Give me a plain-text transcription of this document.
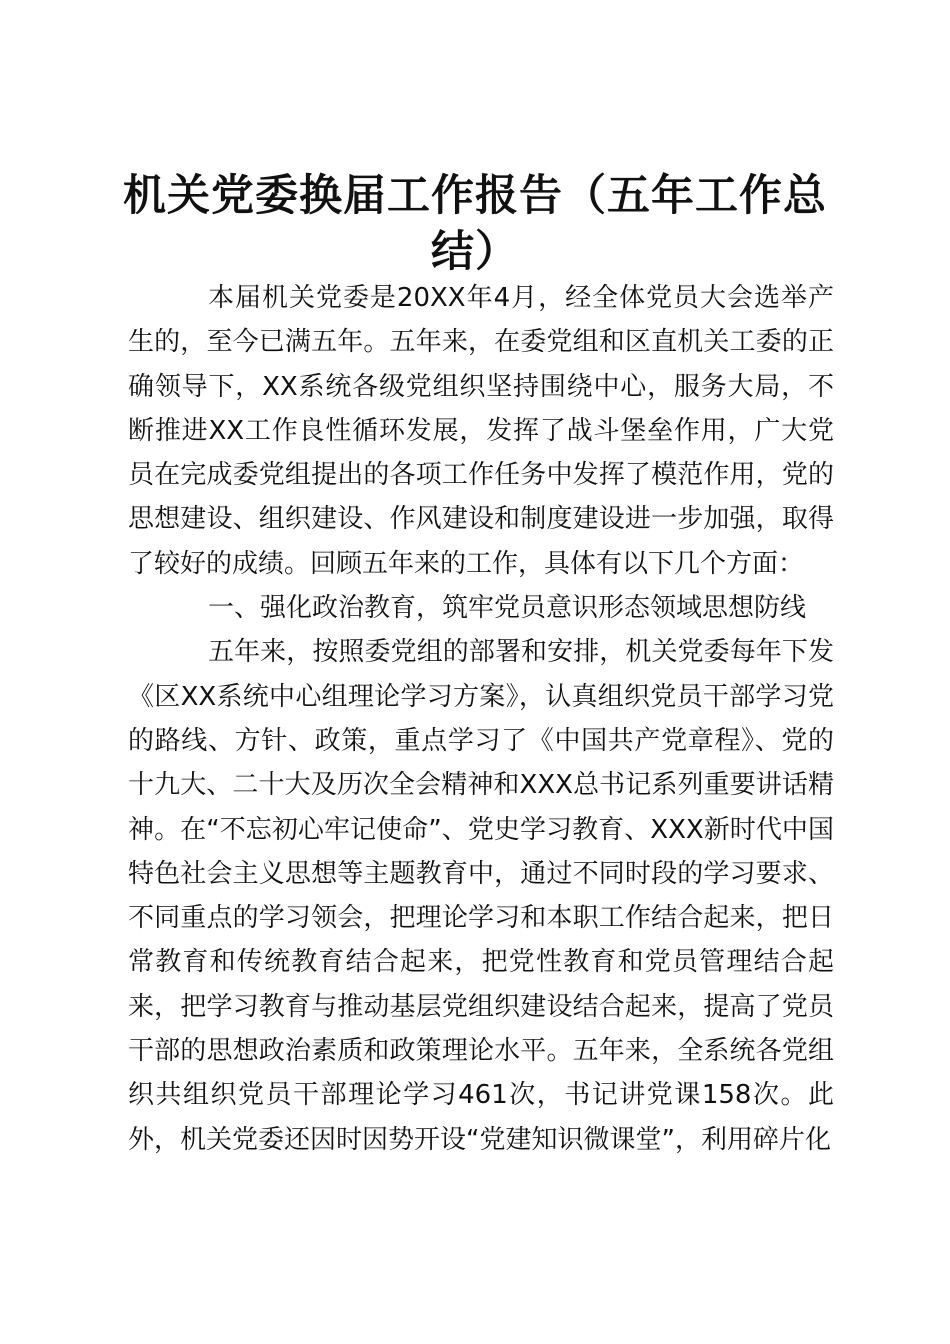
机关党委换届工作报告（五年工作总结）

本届机关党委是20XX年4月，经全体党员大会选举产生的，至今已满五年。五年来，在委党组和区直机关工委的正确领导下，XX系统各级党组织坚持围绕中心，服务大局，不断推进XX工作良性循环发展，发挥了战斗堡垒作用，广大党员在完成委党组提出的各项工作任务中发挥了模范作用，党的思想建设、组织建设、作风建设和制度建设进一步加强，取得了较好的成绩。回顾五年来的工作，具体有以下几个方面：

一、强化政治教育，筑牢党员意识形态领域思想防线

五年来，按照委党组的部署和安排，机关党委每年下发《区XX系统中心组理论学习方案》，认真组织党员干部学习党的路线、方针、政策，重点学习了《中国共产党章程》、党的十九大、二十大及历次全会精神和XXX总书记系列重要讲话精神。在“不忘初心牢记使命”、党史学习教育、XXX新时代中国特色社会主义思想等主题教育中，通过不同时段的学习要求、不同重点的学习领会，把理论学习和本职工作结合起来，把日常教育和传统教育结合起来，把党性教育和党员管理结合起来，把学习教育与推动基层党组织建设结合起来，提高了党员干部的思想政治素质和政策理论水平。五年来，全系统各党组织共组织党员干部理论学习461次，书记讲党课158次。此外，机关党委还因时因势开设“党建知识微课堂”，利用碎片化
